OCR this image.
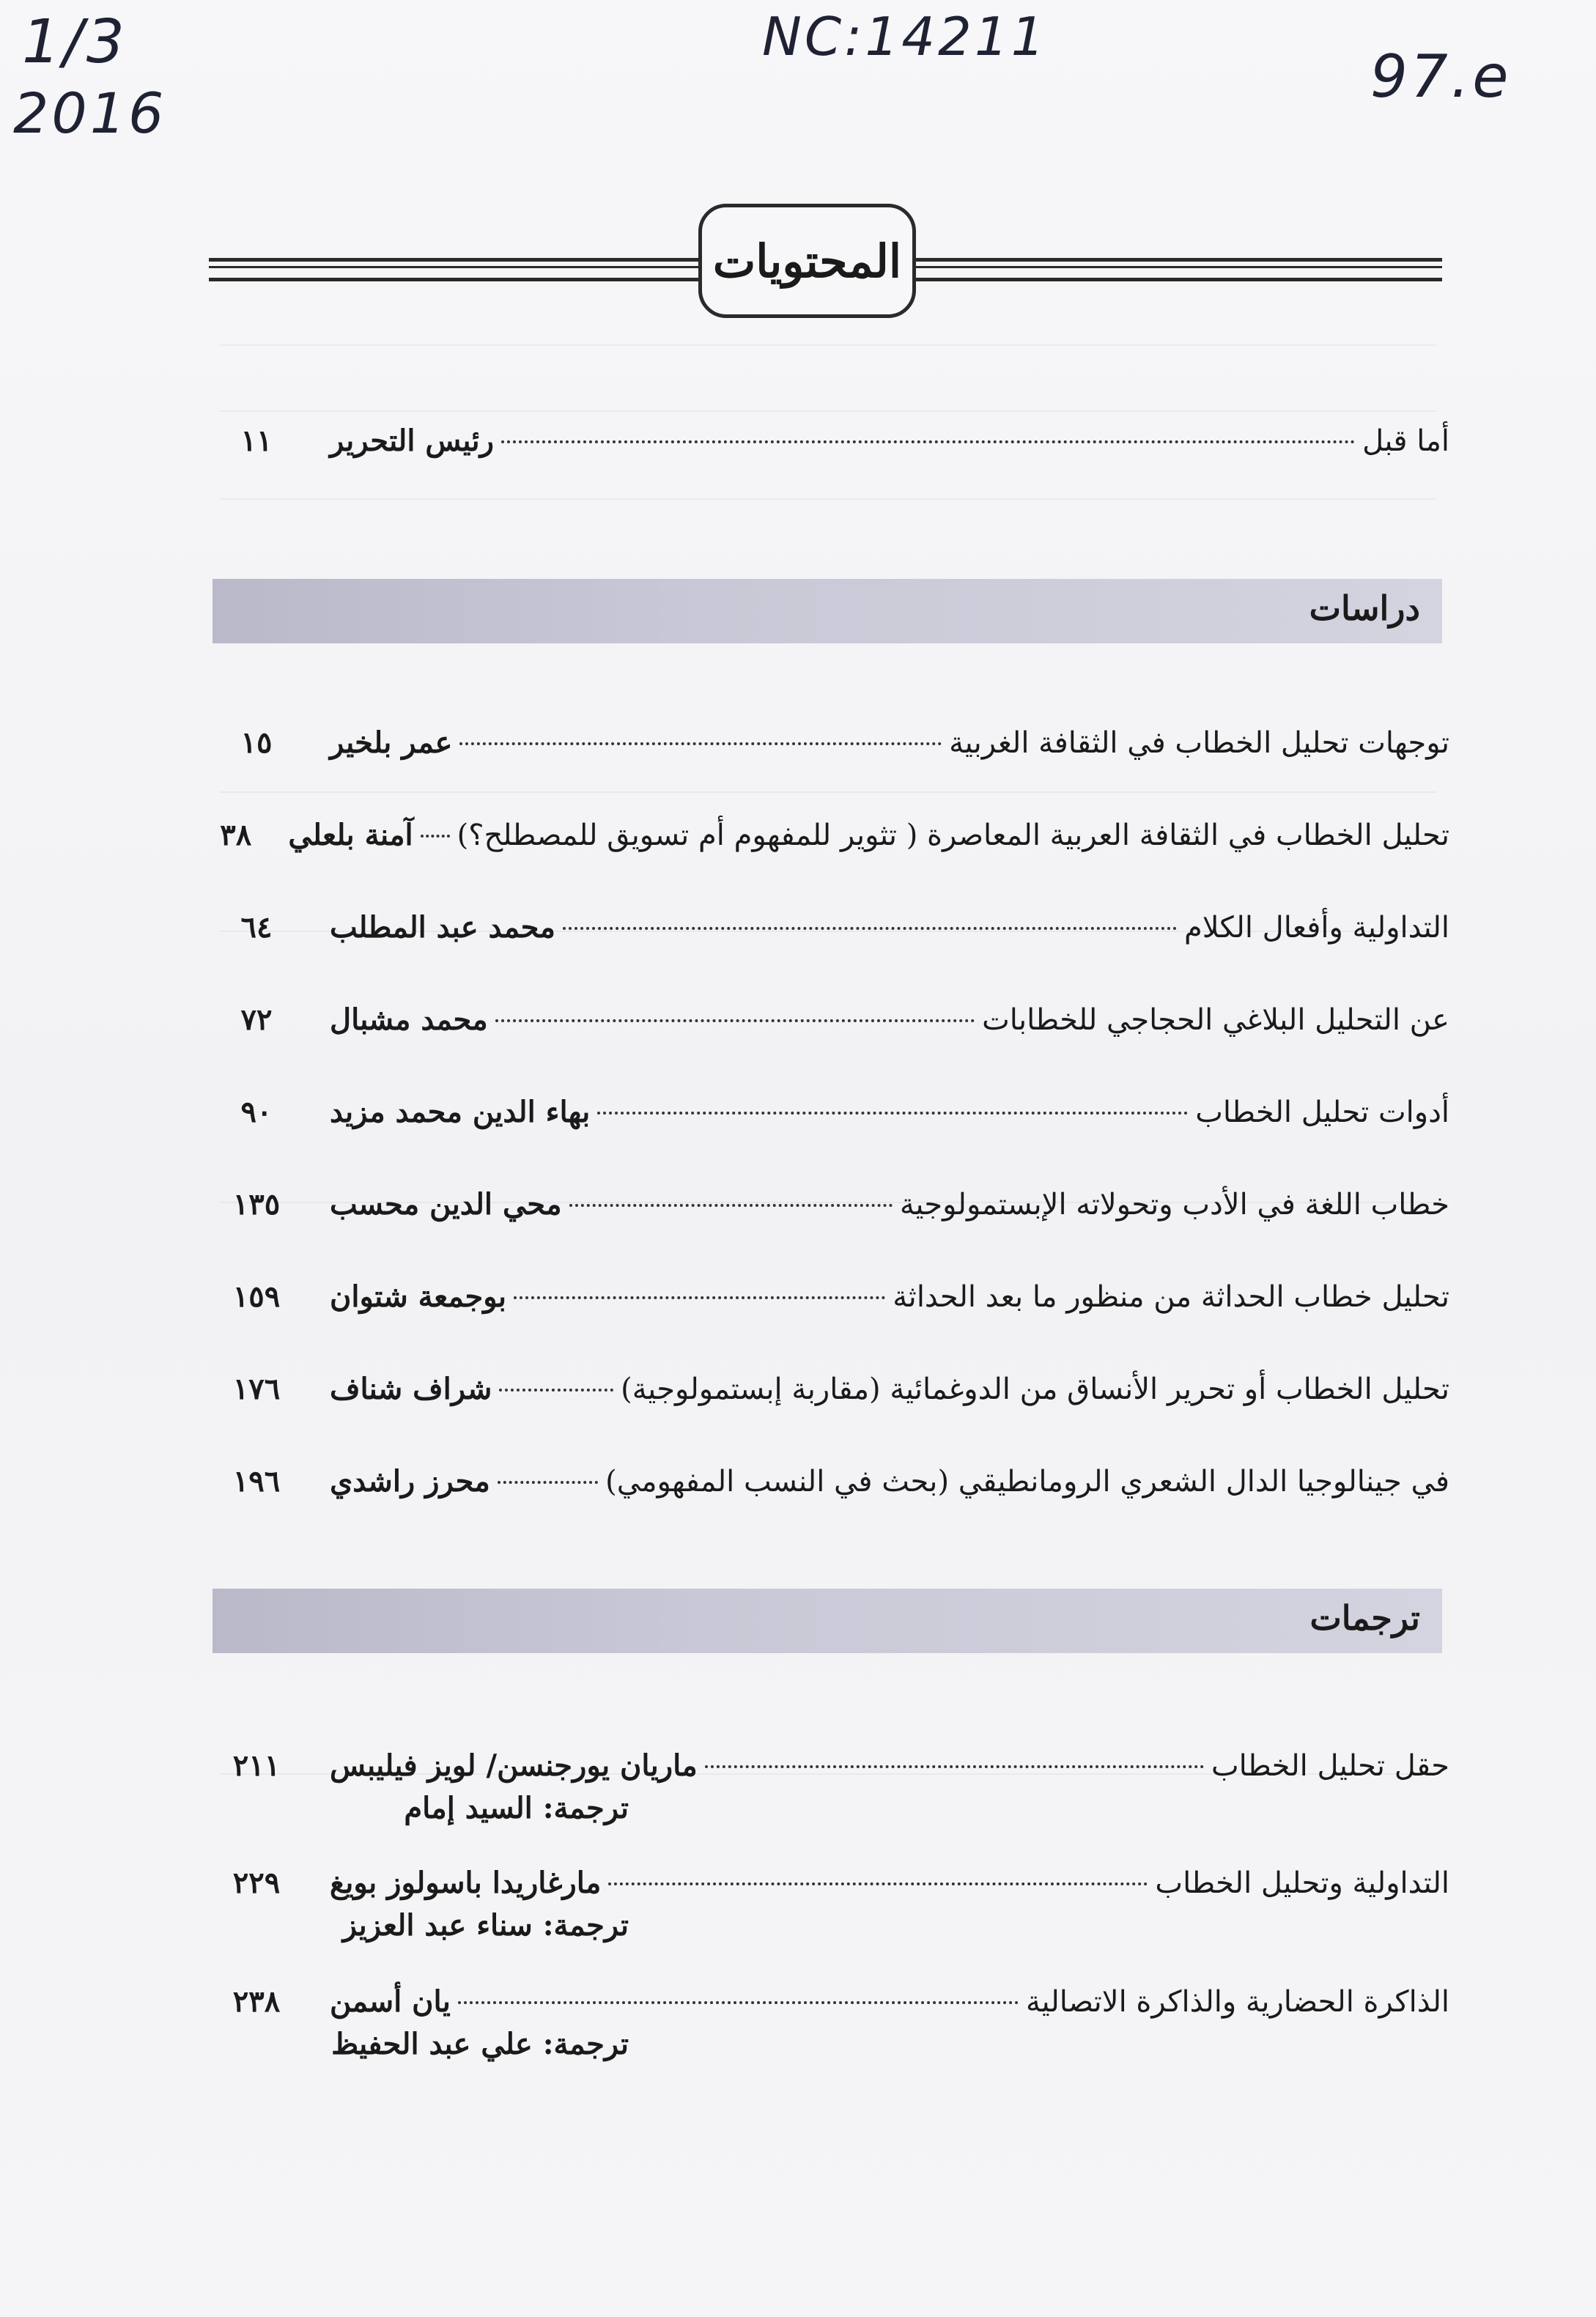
1/3
2016
NC:14211
97.e
المحتويات
أما قبل
رئيس التحرير
١١
دراسات
توجهات تحليل الخطاب في الثقافة الغربية
عمر بلخير
١٥
تحليل الخطاب في الثقافة العربية المعاصرة ( تثوير للمفهوم أم تسويق للمصطلح؟)
آمنة بلعلي
٣٨
التداولية وأفعال الكلام
محمد عبد المطلب
٦٤
عن التحليل البلاغي الحجاجي للخطابات
محمد مشبال
٧٢
أدوات تحليل الخطاب
بهاء الدين محمد مزيد
٩٠
خطاب اللغة في الأدب وتحولاته الإبستمولوجية
محي الدين محسب
١٣٥
تحليل خطاب الحداثة من منظور ما بعد الحداثة
بوجمعة شتوان
١٥٩
تحليل الخطاب أو تحرير الأنساق من الدوغمائية (مقاربة إبستمولوجية)
شراف شناف
١٧٦
في جينالوجيا الدال الشعري الرومانطيقي (بحث في النسب المفهومي)
محرز راشدي
١٩٦
ترجمات
حقل تحليل الخطاب
ماريان يورجنسن/ لويز فيليبس
٢١١
ترجمة: السيد إمام
التداولية وتحليل الخطاب
مارغاريدا باسولوز بويغ
٢٢٩
ترجمة: سناء عبد العزيز
الذاكرة الحضارية والذاكرة الاتصالية
يان أسمن
٢٣٨
ترجمة: علي عبد الحفيظ
